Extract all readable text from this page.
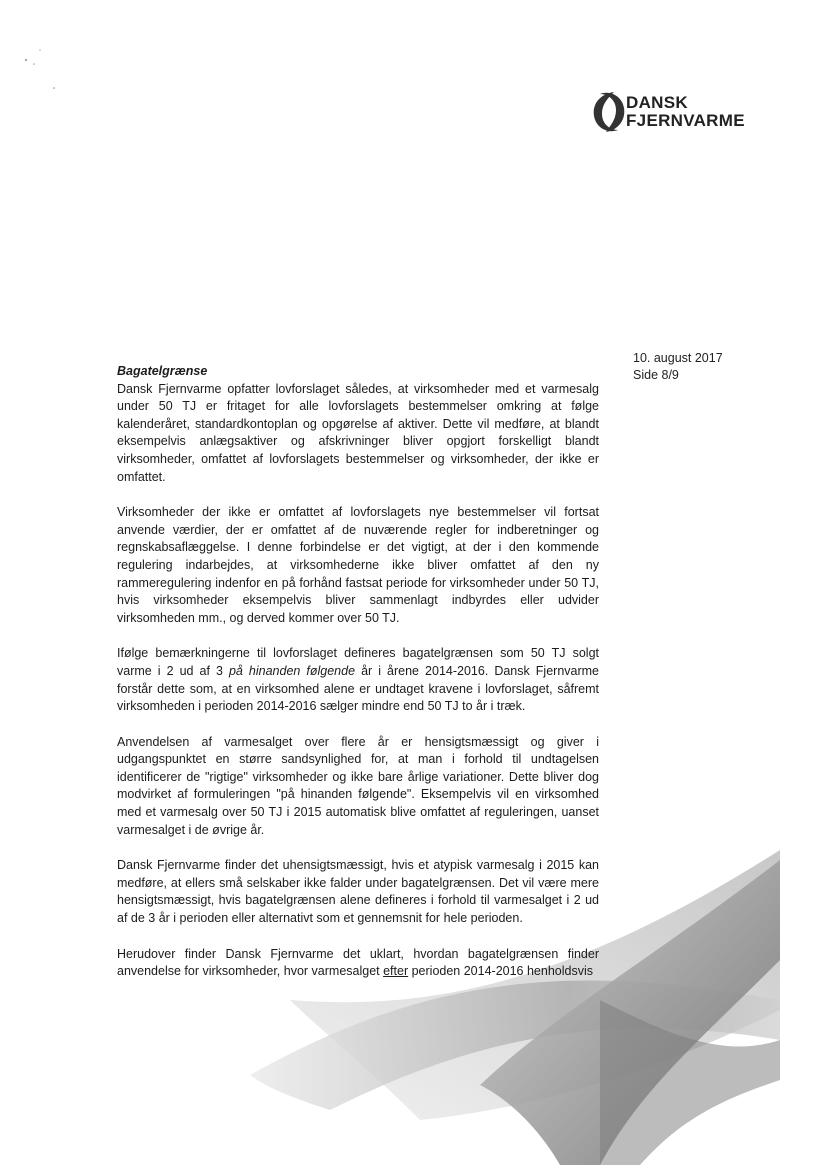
DANSK
FJERNVARME
10. august 2017
Side 8/9

Bagatelgrænse

Dansk Fjernvarme opfatter lovforslaget således, at virksomheder med et varmesalg under 50 TJ er fritaget for alle lovforslagets bestemmelser omkring at følge kalenderåret, standardkontoplan og opgørelse af aktiver. Dette vil medføre, at blandt eksempelvis anlægsaktiver og afskrivninger bliver opgjort forskelligt blandt virksomheder, omfattet af lovforslagets bestemmelser og virksomheder, der ikke er omfattet.

Virksomheder der ikke er omfattet af lovforslagets nye bestemmelser vil fortsat anvende værdier, der er omfattet af de nuværende regler for indberetninger og regnskabsaflæggelse. I denne forbindelse er det vigtigt, at der i den kommende regulering indarbejdes, at virksomhederne ikke bliver omfattet af den ny rammeregulering indenfor en på forhånd fastsat periode for virksomheder under 50 TJ, hvis virksomheder eksempelvis bliver sammenlagt indbyrdes eller udvider virksomheden mm., og derved kommer over 50 TJ.

Ifølge bemærkningerne til lovforslaget defineres bagatelgrænsen som 50 TJ solgt varme i 2 ud af 3 på hinanden følgende år i årene 2014-2016. Dansk Fjernvarme forstår dette som, at en virksomhed alene er undtaget kravene i lovforslaget, såfremt virksomheden i perioden 2014-2016 sælger mindre end 50 TJ to år i træk.

Anvendelsen af varmesalget over flere år er hensigtsmæssigt og giver i udgangspunktet en større sandsynlighed for, at man i forhold til undtagelsen identificerer de "rigtige" virksomheder og ikke bare årlige variationer. Dette bliver dog modvirket af formuleringen "på hinanden følgende". Eksempelvis vil en virksomhed med et varmesalg over 50 TJ i 2015 automatisk blive omfattet af reguleringen, uanset varmesalget i de øvrige år.

Dansk Fjernvarme finder det uhensigtsmæssigt, hvis et atypisk varmesalg i 2015 kan medføre, at ellers små selskaber ikke falder under bagatelgrænsen. Det vil være mere hensigtsmæssigt, hvis bagatelgrænsen alene defineres i forhold til varmesalget i 2 ud af de 3 år i perioden eller alternativt som et gennemsnit for hele perioden.

Herudover finder Dansk Fjernvarme det uklart, hvordan bagatelgrænsen finder anvendelse for virksomheder, hvor varmesalget efter perioden 2014-2016 henholdsvis
